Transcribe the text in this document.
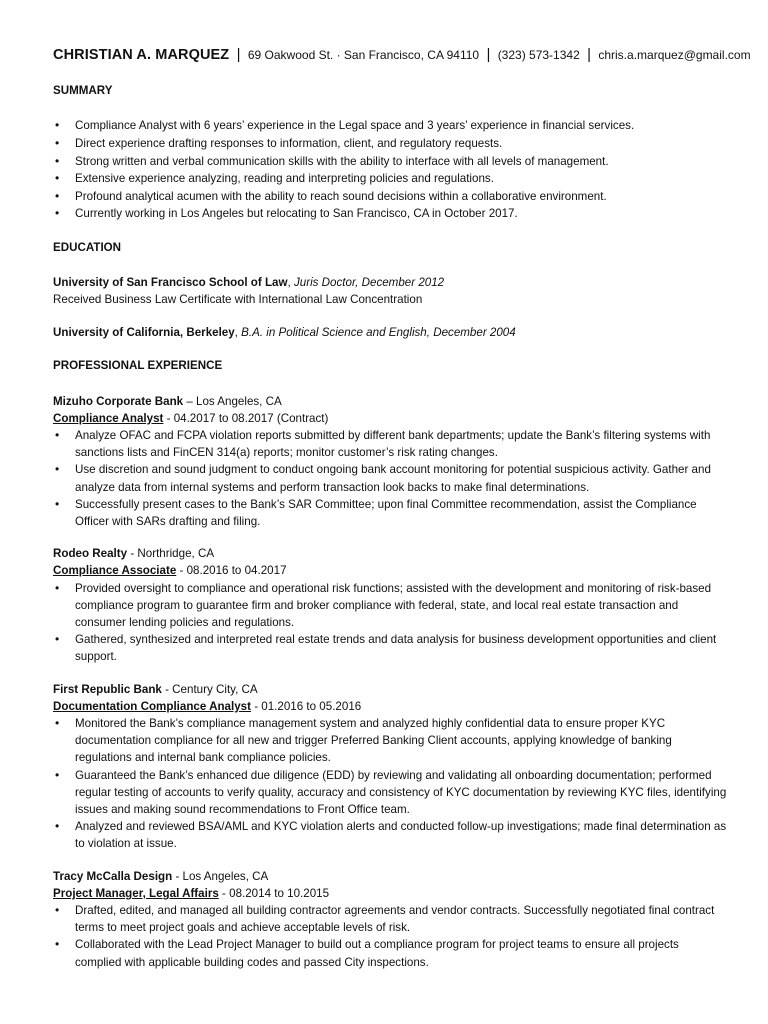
CHRISTIAN A. MARQUEZ | 69 Oakwood St. · San Francisco, CA 94110 | (323) 573-1342 | chris.a.marquez@gmail.com
SUMMARY
• Compliance Analyst with 6 years’ experience in the Legal space and 3 years’ experience in financial services.
• Direct experience drafting responses to information, client, and regulatory requests.
• Strong written and verbal communication skills with the ability to interface with all levels of management.
• Extensive experience analyzing, reading and interpreting policies and regulations.
• Profound analytical acumen with the ability to reach sound decisions within a collaborative environment.
• Currently working in Los Angeles but relocating to San Francisco, CA in October 2017.
EDUCATION
University of San Francisco School of Law, Juris Doctor, December 2012
Received Business Law Certificate with International Law Concentration
University of California, Berkeley, B.A. in Political Science and English, December 2004
PROFESSIONAL EXPERIENCE
Mizuho Corporate Bank – Los Angeles, CA
Compliance Analyst - 04.2017 to 08.2017 (Contract)
• Analyze OFAC and FCPA violation reports submitted by different bank departments; update the Bank’s filtering systems with sanctions lists and FinCEN 314(a) reports; monitor customer’s risk rating changes.
• Use discretion and sound judgment to conduct ongoing bank account monitoring for potential suspicious activity. Gather and analyze data from internal systems and perform transaction look backs to make final determinations.
• Successfully present cases to the Bank’s SAR Committee; upon final Committee recommendation, assist the Compliance Officer with SARs drafting and filing.
Rodeo Realty - Northridge, CA
Compliance Associate - 08.2016 to 04.2017
• Provided oversight to compliance and operational risk functions; assisted with the development and monitoring of risk-based compliance program to guarantee firm and broker compliance with federal, state, and local real estate transaction and consumer lending policies and regulations.
• Gathered, synthesized and interpreted real estate trends and data analysis for business development opportunities and client support.
First Republic Bank - Century City, CA
Documentation Compliance Analyst - 01.2016 to 05.2016
• Monitored the Bank’s compliance management system and analyzed highly confidential data to ensure proper KYC documentation compliance for all new and trigger Preferred Banking Client accounts, applying knowledge of banking regulations and internal bank compliance policies.
• Guaranteed the Bank’s enhanced due diligence (EDD) by reviewing and validating all onboarding documentation; performed regular testing of accounts to verify quality, accuracy and consistency of KYC documentation by reviewing KYC files, identifying issues and making sound recommendations to Front Office team.
• Analyzed and reviewed BSA/AML and KYC violation alerts and conducted follow-up investigations; made final determination as to violation at issue.
Tracy McCalla Design - Los Angeles, CA
Project Manager, Legal Affairs - 08.2014 to 10.2015
• Drafted, edited, and managed all building contractor agreements and vendor contracts. Successfully negotiated final contract terms to meet project goals and achieve acceptable levels of risk.
• Collaborated with the Lead Project Manager to build out a compliance program for project teams to ensure all projects complied with applicable building codes and passed City inspections.
